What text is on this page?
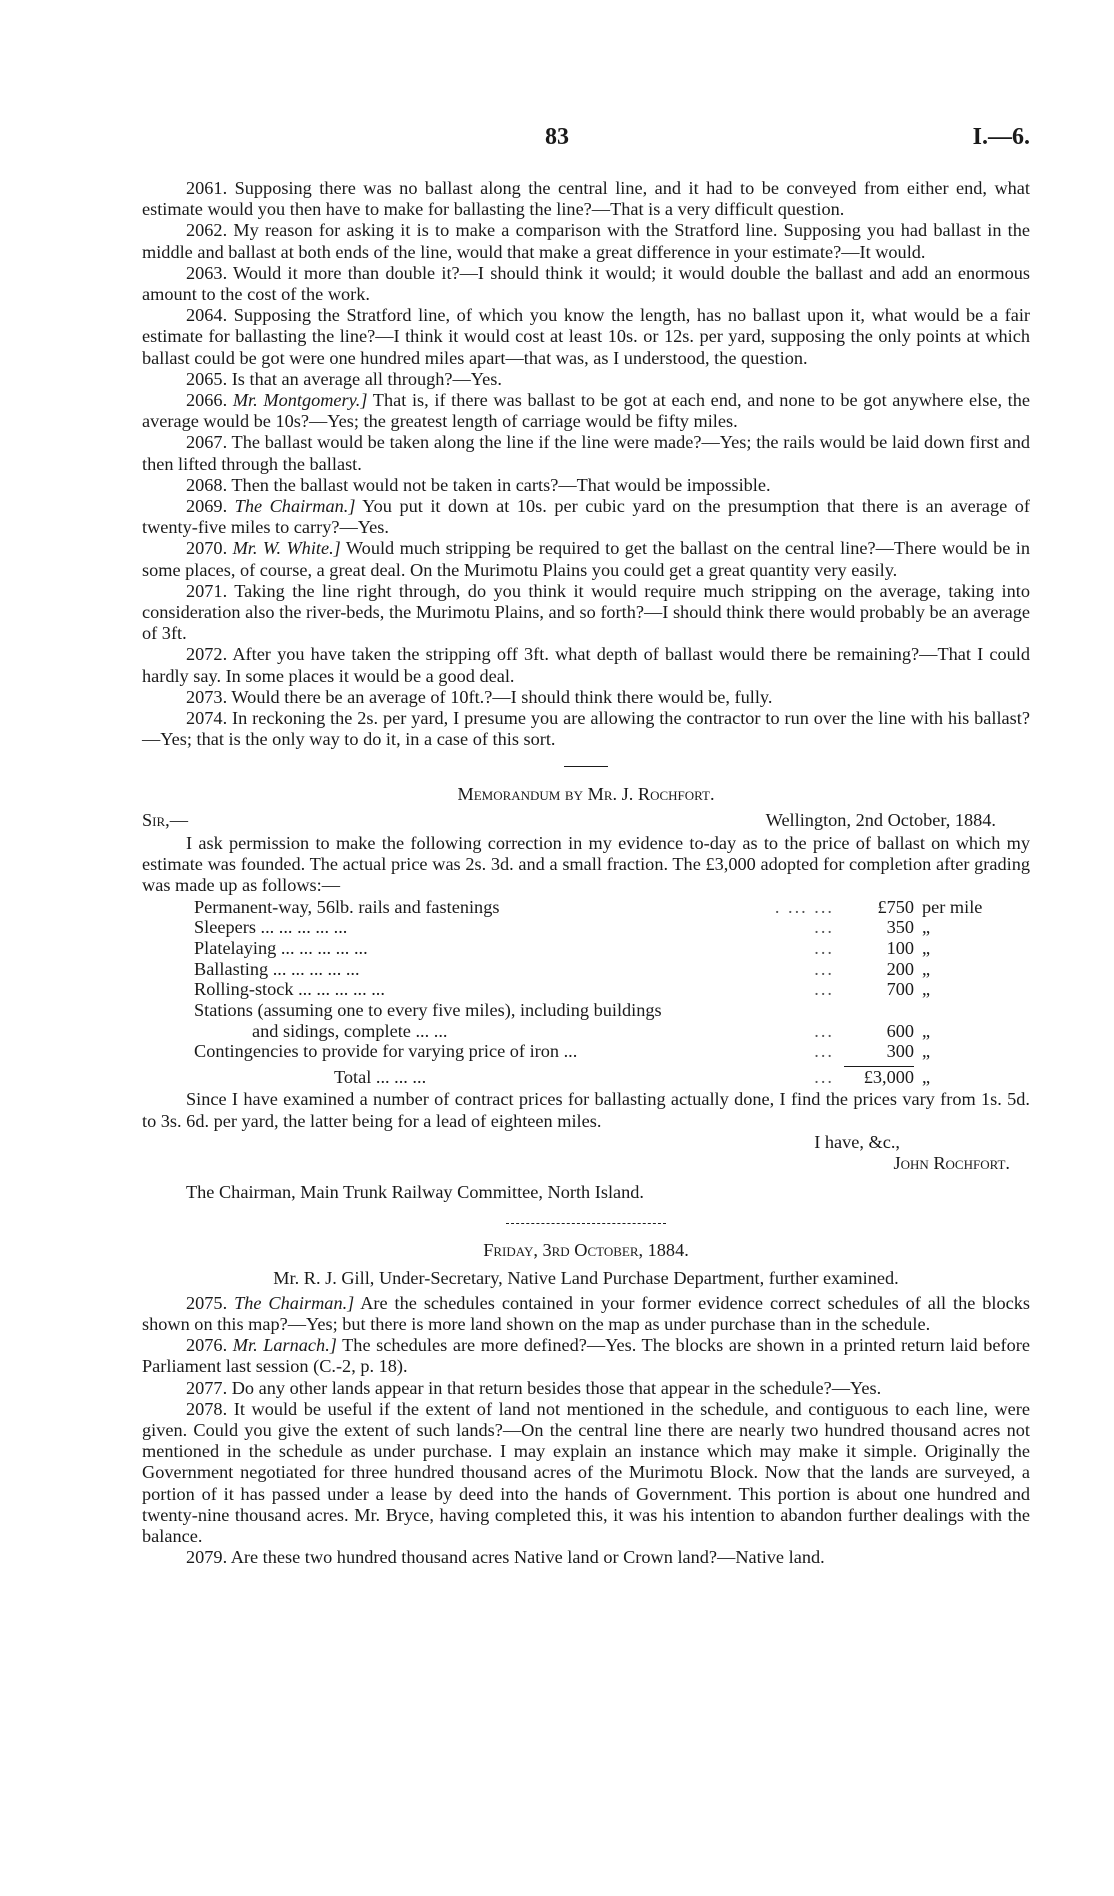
83	I.—6.

2061. Supposing there was no ballast along the central line, and it had to be conveyed from either end, what estimate would you then have to make for ballasting the line?—That is a very difficult question.

2062. My reason for asking it is to make a comparison with the Stratford line. Supposing you had ballast in the middle and ballast at both ends of the line, would that make a great difference in your estimate?—It would.

2063. Would it more than double it?—I should think it would; it would double the ballast and add an enormous amount to the cost of the work.

2064. Supposing the Stratford line, of which you know the length, has no ballast upon it, what would be a fair estimate for ballasting the line?—I think it would cost at least 10s. or 12s. per yard, supposing the only points at which ballast could be got were one hundred miles apart—that was, as I understood, the question.

2065. Is that an average all through?—Yes.

2066. Mr. Montgomery.] That is, if there was ballast to be got at each end, and none to be got anywhere else, the average would be 10s?—Yes; the greatest length of carriage would be fifty miles.

2067. The ballast would be taken along the line if the line were made?—Yes; the rails would be laid down first and then lifted through the ballast.

2068. Then the ballast would not be taken in carts?—That would be impossible.

2069. The Chairman.] You put it down at 10s. per cubic yard on the presumption that there is an average of twenty-five miles to carry?—Yes.

2070. Mr. W. White.] Would much stripping be required to get the ballast on the central line?—There would be in some places, of course, a great deal. On the Murimotu Plains you could get a great quantity very easily.

2071. Taking the line right through, do you think it would require much stripping on the average, taking into consideration also the river-beds, the Murimotu Plains, and so forth?—I should think there would probably be an average of 3ft.

2072. After you have taken the stripping off 3ft. what depth of ballast would there be remaining?—That I could hardly say. In some places it would be a good deal.

2073. Would there be an average of 10ft.?—I should think there would be, fully.

2074. In reckoning the 2s. per yard, I presume you are allowing the contractor to run over the line with his ballast?—Yes; that is the only way to do it, in a case of this sort.

Memorandum by Mr. J. Rochfort.

Sir,—	Wellington, 2nd October, 1884.

I ask permission to make the following correction in my evidence to-day as to the price of ballast on which my estimate was founded. The actual price was 2s. 3d. and a small fraction. The £3,000 adopted for completion after grading was made up as follows:—

Permanent-way, 56lb. rails and fastenings	. ... ...	£750	per mile
Sleepers ... ... ... ... ...	...	350	„
Platelaying ... ... ... ... ...	...	100	„
Ballasting ... ... ... ... ...	...	200	„
Rolling-stock ... ... ... ... ...	...	700	„
Stations (assuming one to every five miles), including buildings			
and sidings, complete ... ...	...	600	„
Contingencies to provide for varying price of iron ...	...	300	„

Total ... ... ...	...	£3,000	„

Since I have examined a number of contract prices for ballasting actually done, I find the prices vary from 1s. 5d. to 3s. 6d. per yard, the latter being for a lead of eighteen miles.

I have, &c.,

John Rochfort.

The Chairman, Main Trunk Railway Committee, North Island.

Friday, 3rd October, 1884.

Mr. R. J. Gill, Under-Secretary, Native Land Purchase Department, further examined.

2075. The Chairman.] Are the schedules contained in your former evidence correct schedules of all the blocks shown on this map?—Yes; but there is more land shown on the map as under purchase than in the schedule.

2076. Mr. Larnach.] The schedules are more defined?—Yes. The blocks are shown in a printed return laid before Parliament last session (C.-2, p. 18).

2077. Do any other lands appear in that return besides those that appear in the schedule?—Yes.

2078. It would be useful if the extent of land not mentioned in the schedule, and contiguous to each line, were given. Could you give the extent of such lands?—On the central line there are nearly two hundred thousand acres not mentioned in the schedule as under purchase. I may explain an instance which may make it simple. Originally the Government negotiated for three hundred thousand acres of the Murimotu Block. Now that the lands are surveyed, a portion of it has passed under a lease by deed into the hands of Government. This portion is about one hundred and twenty-nine thousand acres. Mr. Bryce, having completed this, it was his intention to abandon further dealings with the balance.

2079. Are these two hundred thousand acres Native land or Crown land?—Native land.
